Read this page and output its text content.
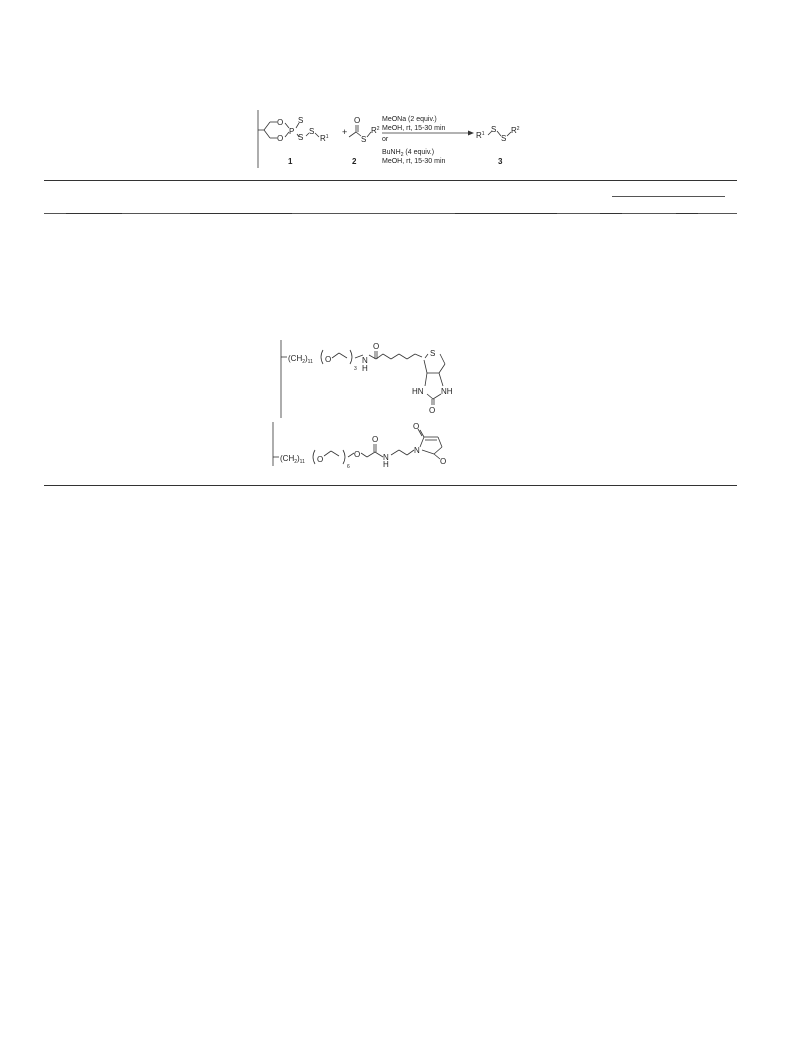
O
O
P
S
S
S
$R^1$ +
O
S
$R^2$
MeONa (2 equiv.)
MeOH, rt, 15-30 min
or
BuNH$_2$ (4 equiv.)
MeOH, rt, 15-30 min
$R^1$ S
S
$R^2$
1	2	3
$(CH_2)_{11}$ O
3
N
H
O
S
HN NH
O
$(CH_2)_{11}$ O
6
O
O
N
H
N
O
O
